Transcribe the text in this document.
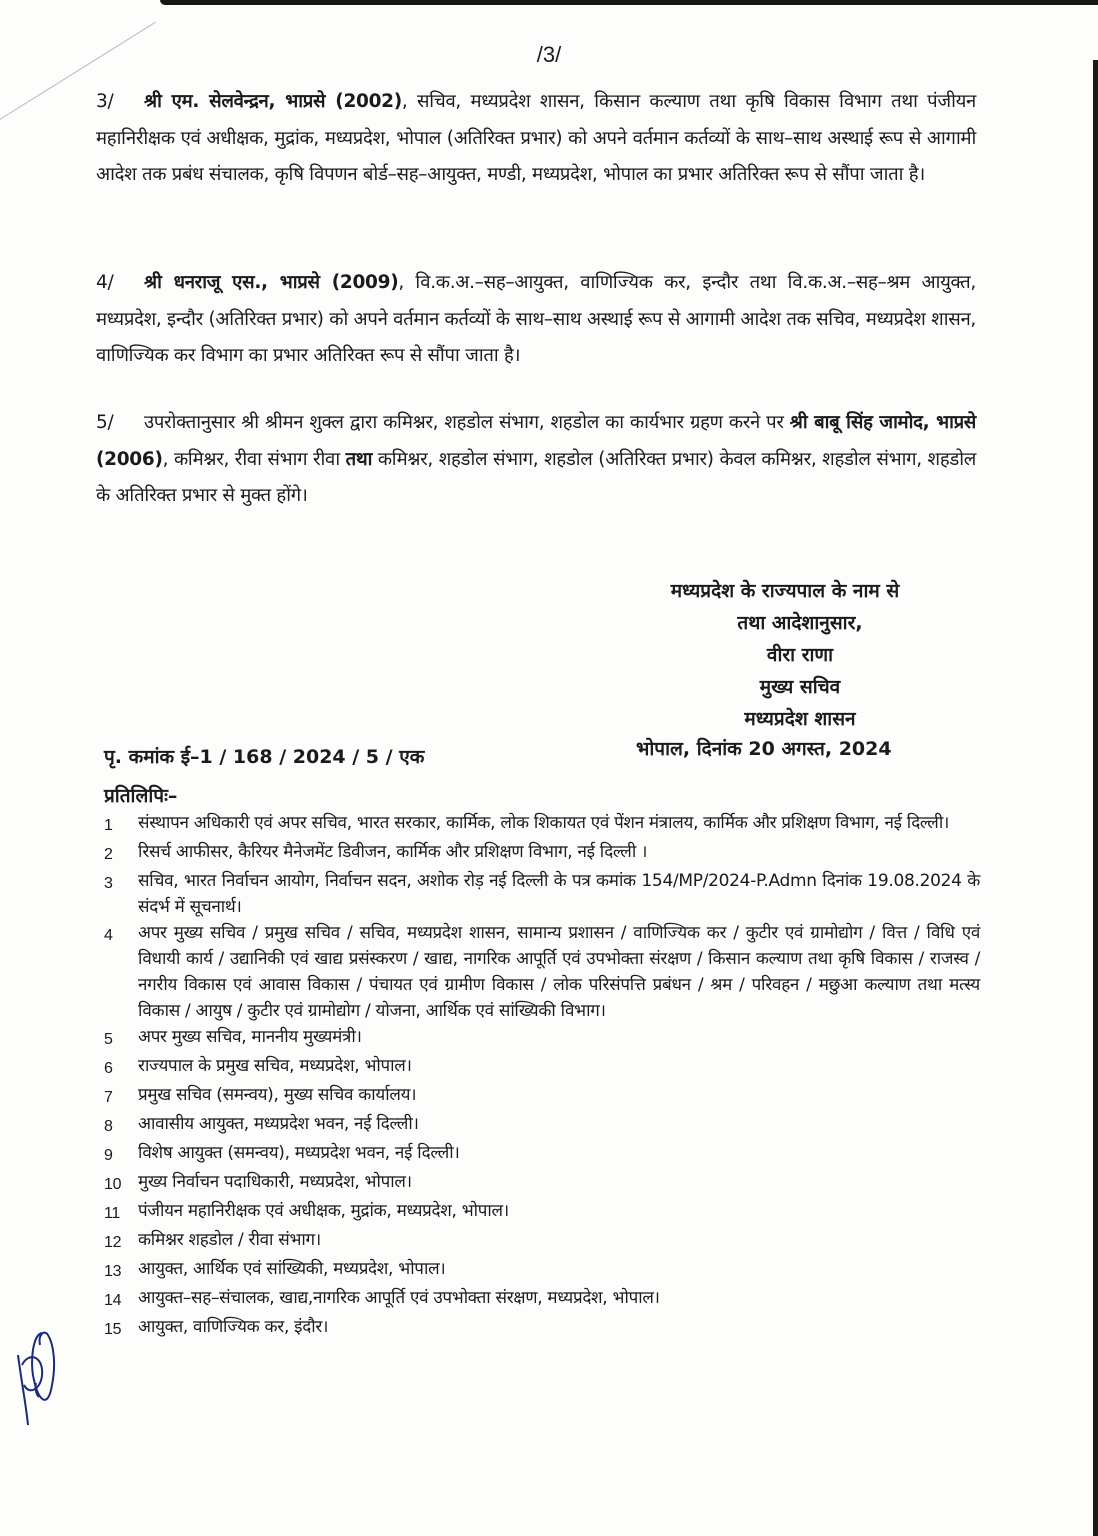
/3/
3/ श्री एम. सेलवेन्द्रन, भाप्रसे (2002), सचिव, मध्यप्रदेश शासन, किसान कल्याण तथा कृषि विकास विभाग तथा पंजीयन महानिरीक्षक एवं अधीक्षक, मुद्रांक, मध्यप्रदेश, भोपाल (अतिरिक्त प्रभार) को अपने वर्तमान कर्तव्यों के साथ–साथ अस्थाई रूप से आगामी आदेश तक प्रबंध संचालक, कृषि विपणन बोर्ड–सह–आयुक्त, मण्डी, मध्यप्रदेश, भोपाल का प्रभार अतिरिक्त रूप से सौंपा जाता है।
4/ श्री धनराजू एस., भाप्रसे (2009), वि.क.अ.–सह–आयुक्त, वाणिज्यिक कर, इन्दौर तथा वि.क.अ.–सह–श्रम आयुक्त, मध्यप्रदेश, इन्दौर (अतिरिक्त प्रभार) को अपने वर्तमान कर्तव्यों के साथ–साथ अस्थाई रूप से आगामी आदेश तक सचिव, मध्यप्रदेश शासन, वाणिज्यिक कर विभाग का प्रभार अतिरिक्त रूप से सौंपा जाता है।
5/ उपरोक्तानुसार श्री श्रीमन शुक्ल द्वारा कमिश्नर, शहडोल संभाग, शहडोल का कार्यभार ग्रहण करने पर श्री बाबू सिंह जामोद, भाप्रसे (2006), कमिश्नर, रीवा संभाग रीवा तथा कमिश्नर, शहडोल संभाग, शहडोल (अतिरिक्त प्रभार) केवल कमिश्नर, शहडोल संभाग, शहडोल के अतिरिक्त प्रभार से मुक्त होंगे।
मध्यप्रदेश के राज्यपाल के नाम से
तथा आदेशानुसार,
वीरा राणा
मुख्य सचिव
मध्यप्रदेश शासन
पृ. कमांक ई–1 / 168 / 2024 / 5 / एक	भोपाल, दिनांक 20 अगस्त, 2024
प्रतिलिपिः–
1	संस्थापन अधिकारी एवं अपर सचिव, भारत सरकार, कार्मिक, लोक शिकायत एवं पेंशन मंत्रालय, कार्मिक और प्रशिक्षण विभाग, नई दिल्ली।
2	रिसर्च आफीसर, कैरियर मैनेजमेंट डिवीजन, कार्मिक और प्रशिक्षण विभाग, नई दिल्ली ।
3	सचिव, भारत निर्वाचन आयोग, निर्वाचन सदन, अशोक रोड़ नई दिल्ली के पत्र कमांक 154/MP/2024-P.Admn दिनांक 19.08.2024 के संदर्भ में सूचनार्थ।
4	अपर मुख्य सचिव / प्रमुख सचिव / सचिव, मध्यप्रदेश शासन, सामान्य प्रशासन / वाणिज्यिक कर / कुटीर एवं ग्रामोद्योग / वित्त / विधि एवं विधायी कार्य / उद्यानिकी एवं खाद्य प्रसंस्करण / खाद्य, नागरिक आपूर्ति एवं उपभोक्ता संरक्षण / किसान कल्याण तथा कृषि विकास / राजस्व / नगरीय विकास एवं आवास विकास / पंचायत एवं ग्रामीण विकास / लोक परिसंपत्ति प्रबंधन / श्रम / परिवहन / मछुआ कल्याण तथा मत्स्य विकास / आयुष / कुटीर एवं ग्रामोद्योग / योजना, आर्थिक एवं सांख्यिकी विभाग।
5	अपर मुख्य सचिव, माननीय मुख्यमंत्री।
6	राज्यपाल के प्रमुख सचिव, मध्यप्रदेश, भोपाल।
7	प्रमुख सचिव (समन्वय), मुख्य सचिव कार्यालय।
8	आवासीय आयुक्त, मध्यप्रदेश भवन, नई दिल्ली।
9	विशेष आयुक्त (समन्वय), मध्यप्रदेश भवन, नई दिल्ली।
10 मुख्य निर्वाचन पदाधिकारी, मध्यप्रदेश, भोपाल।
11	पंजीयन महानिरीक्षक एवं अधीक्षक, मुद्रांक, मध्यप्रदेश, भोपाल।
12 कमिश्नर शहडोल / रीवा संभाग।
13 आयुक्त, आर्थिक एवं सांख्यिकी, मध्यप्रदेश, भोपाल।
14 आयुक्त–सह–संचालक, खाद्य,नागरिक आपूर्ति एवं उपभोक्ता संरक्षण, मध्यप्रदेश, भोपाल।
15 आयुक्त, वाणिज्यिक कर, इंदौर।
